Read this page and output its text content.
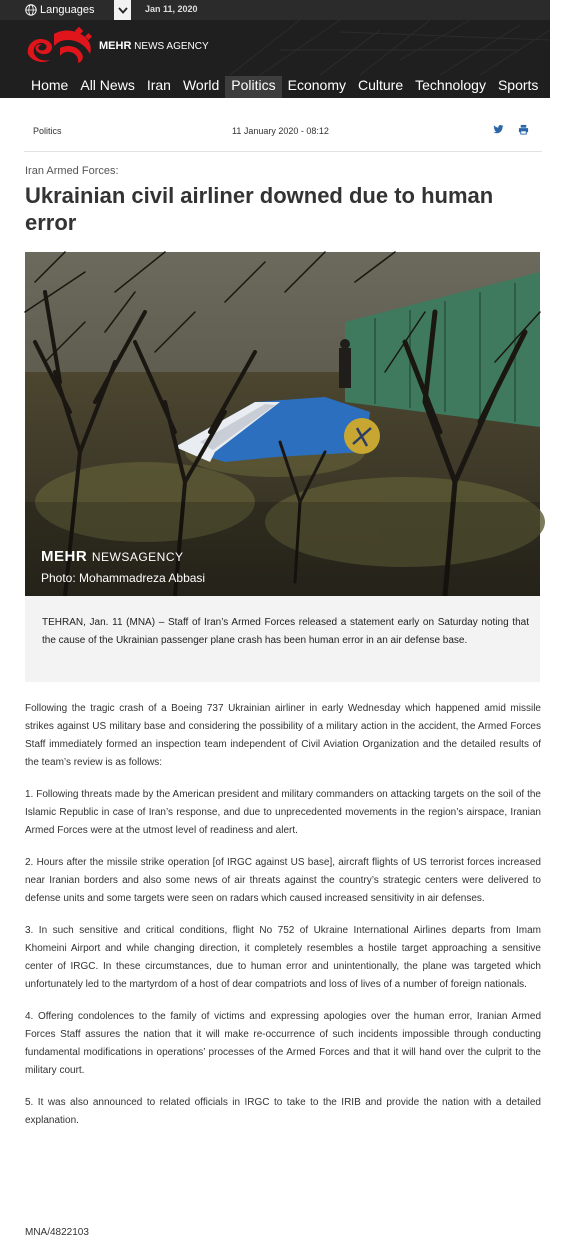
Languages	Jan 11, 2020
MEHR NEWS AGENCY
Home All News Iran World Politics Economy Culture Technology Sports P
Politics	11 January 2020 - 08:12
Iran Armed Forces:
Ukrainian civil airliner downed due to human error
MEHR NEWSAGENCY
Photo: Mohammadreza Abbasi

TEHRAN, Jan. 11 (MNA) – Staff of Iran’s Armed Forces released a statement early on Saturday noting that the cause of the Ukrainian passenger plane crash has been human error in an air defense base.

Following the tragic crash of a Boeing 737 Ukrainian airliner in early Wednesday which happened amid missile strikes against US military base and considering the possibility of a military action in the accident, the Armed Forces Staff immediately formed an inspection team independent of Civil Aviation Organization and the detailed results of the team’s review is as follows:

1. Following threats made by the American president and military commanders on attacking targets on the soil of the Islamic Republic in case of Iran’s response, and due to unprecedented movements in the region’s airspace, Iranian Armed Forces were at the utmost level of readiness and alert.

2. Hours after the missile strike operation [of IRGC against US base], aircraft flights of US terrorist forces increased near Iranian borders and also some news of air threats against the country’s strategic centers were delivered to defense units and some targets were seen on radars which caused increased sensitivity in air defenses.

3. In such sensitive and critical conditions, flight No 752 of Ukraine International Airlines departs from Imam Khomeini Airport and while changing direction, it completely resembles a hostile target approaching a sensitive center of IRGC. In these circumstances, due to human error and unintentionally, the plane was targeted which unfortunately led to the martyrdom of a host of dear compatriots and loss of lives of a number of foreign nationals.

4. Offering condolences to the family of victims and expressing apologies over the human error, Iranian Armed Forces Staff assures the nation that it will make re-occurrence of such incidents impossible through conducting fundamental modifications in operations’ processes of the Armed Forces and that it will hand over the culprit to the military court.

5. It was also announced to related officials in IRGC to take to the IRIB and provide the nation with a detailed explanation.

MNA/4822103
